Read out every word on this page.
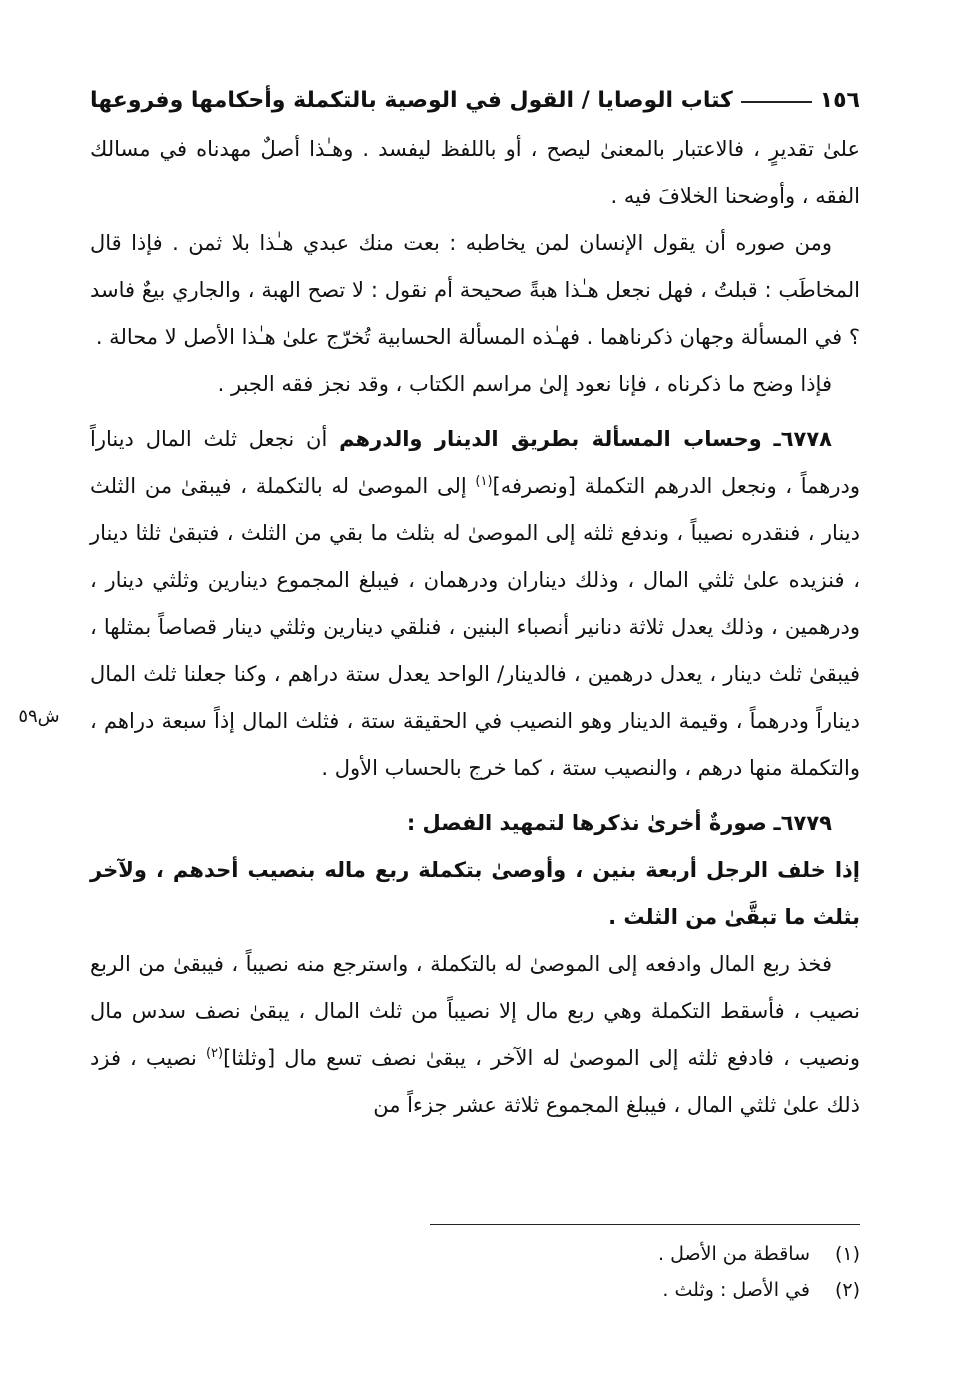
١٥٦
كتاب الوصايا / القول في الوصية بالتكملة وأحكامها وفروعها

علىٰ تقديرٍ ، فالاعتبار بالمعنىٰ ليصح ، أو باللفظ ليفسد . وهـٰذا أصلٌ مهدناه في مسالك الفقه ، وأوضحنا الخلافَ فيه .

ومن صوره أن يقول الإنسان لمن يخاطبه : بعت منك عبدي هـٰذا بلا ثمن . فإذا قال المخاطَب : قبلتُ ، فهل نجعل هـٰذا هبةً صحيحة أم نقول : لا تصح الهبة ، والجاري بيعٌ فاسد ؟ في المسألة وجهان ذكرناهما . فهـٰذه المسألة الحسابية تُخرّج علىٰ هـٰذا الأصل لا محالة .

فإذا وضح ما ذكرناه ، فإنا نعود إلىٰ مراسم الكتاب ، وقد نجز فقه الجبر .

٦٧٧٨ـ وحساب المسألة بطريق الدينار والدرهم أن نجعل ثلث المال ديناراً ودرهماً ، ونجعل الدرهم التكملة [ونصرفه]$^{(١)}$ إلى الموصىٰ له بالتكملة ، فيبقىٰ من الثلث دينار ، فنقدره نصيباً ، وندفع ثلثه إلى الموصىٰ له بثلث ما بقي من الثلث ، فتبقىٰ ثلثا دينار ، فنزيده علىٰ ثلثي المال ، وذلك ديناران ودرهمان ، فيبلغ المجموع دينارين وثلثي دينار ، ودرهمين ، وذلك يعدل ثلاثة دنانير أنصباء البنين ، فنلقي دينارين وثلثي دينار قصاصاً بمثلها ، فيبقىٰ ثلث دينار ، يعدل درهمين ، فالدينار/ الواحد يعدل ستة دراهم ، وكنا جعلنا ثلث المال ديناراً ودرهماً ، وقيمة الدينار وهو النصيب في الحقيقة ستة ، فثلث المال إذاً سبعة دراهم ، والتكملة منها درهم ، والنصيب ستة ، كما خرج بالحساب الأول .

٦٧٧٩ـ صورةٌ أخرىٰ نذكرها لتمهيد الفصل :

إذا خلف الرجل أربعة بنين ، وأوصىٰ بتكملة ربع ماله بنصيب أحدهم ، ولآخر بثلث ما تبقَّىٰ من الثلث .

فخذ ربع المال وادفعه إلى الموصىٰ له بالتكملة ، واسترجع منه نصيباً ، فيبقىٰ من الربع نصيب ، فأسقط التكملة وهي ربع مال إلا نصيباً من ثلث المال ، يبقىٰ نصف سدس مال ونصيب ، فادفع ثلثه إلى الموصىٰ له الآخر ، يبقىٰ نصف تسع مال [وثلثا]$^{(٢)}$ نصيب ، فزد ذلك علىٰ ثلثي المال ، فيبلغ المجموع ثلاثة عشر جزءاً من

ش٥٩
(١)
ساقطة من الأصل .
(٢)
في الأصل : وثلث .
